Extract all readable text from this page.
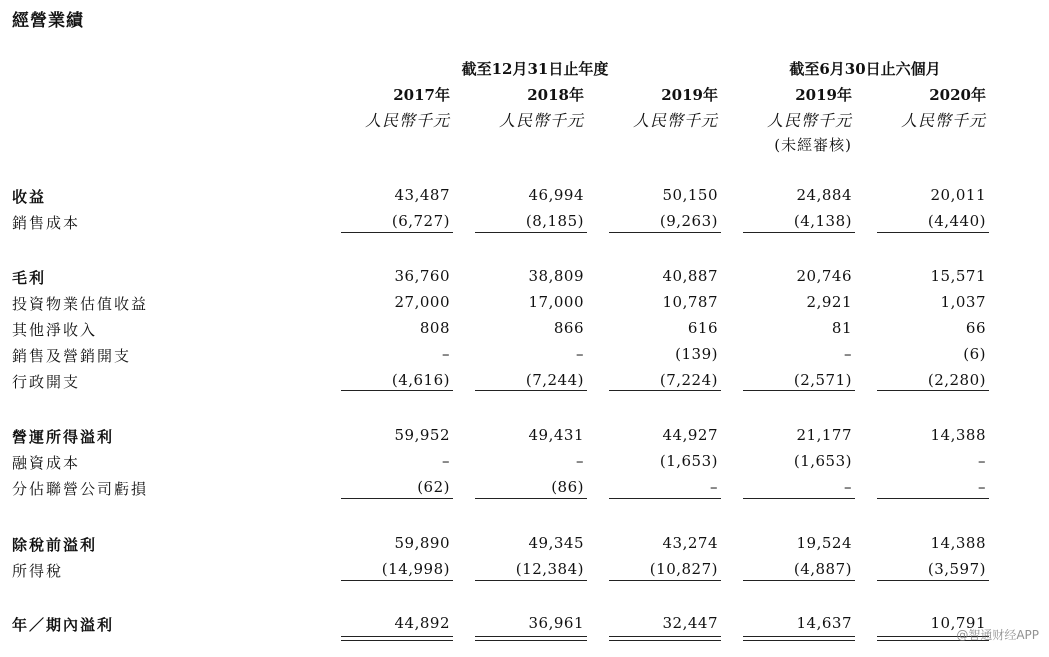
經營業績
截至12月31日止年度	截至6月30日止六個月
2017年	2018年	2019年	2019年	2020年
人民幣千元	人民幣千元	人民幣千元	人民幣千元	人民幣千元
(未經審核)
收益	43,487	46,994	50,150	24,884	20,011
銷售成本	(6,727)	(8,185)	(9,263)	(4,138)	(4,440)
毛利	36,760	38,809	40,887	20,746	15,571
投資物業估值收益	27,000	17,000	10,787	2,921	1,037
其他淨收入	808	866	616	81	66
銷售及營銷開支	–	–	(139)	–	(6)
行政開支	(4,616)	(7,244)	(7,224)	(2,571)	(2,280)
營運所得溢利	59,952	49,431	44,927	21,177	14,388
融資成本	–	–	(1,653)	(1,653)	–
分佔聯營公司虧損	(62)	(86)	–	–	–
除稅前溢利	59,890	49,345	43,274	19,524	14,388
所得稅	(14,998)	(12,384)	(10,827)	(4,887)	(3,597)
年／期內溢利	44,892	36,961	32,447	14,637	10,791
@智通财经APP
